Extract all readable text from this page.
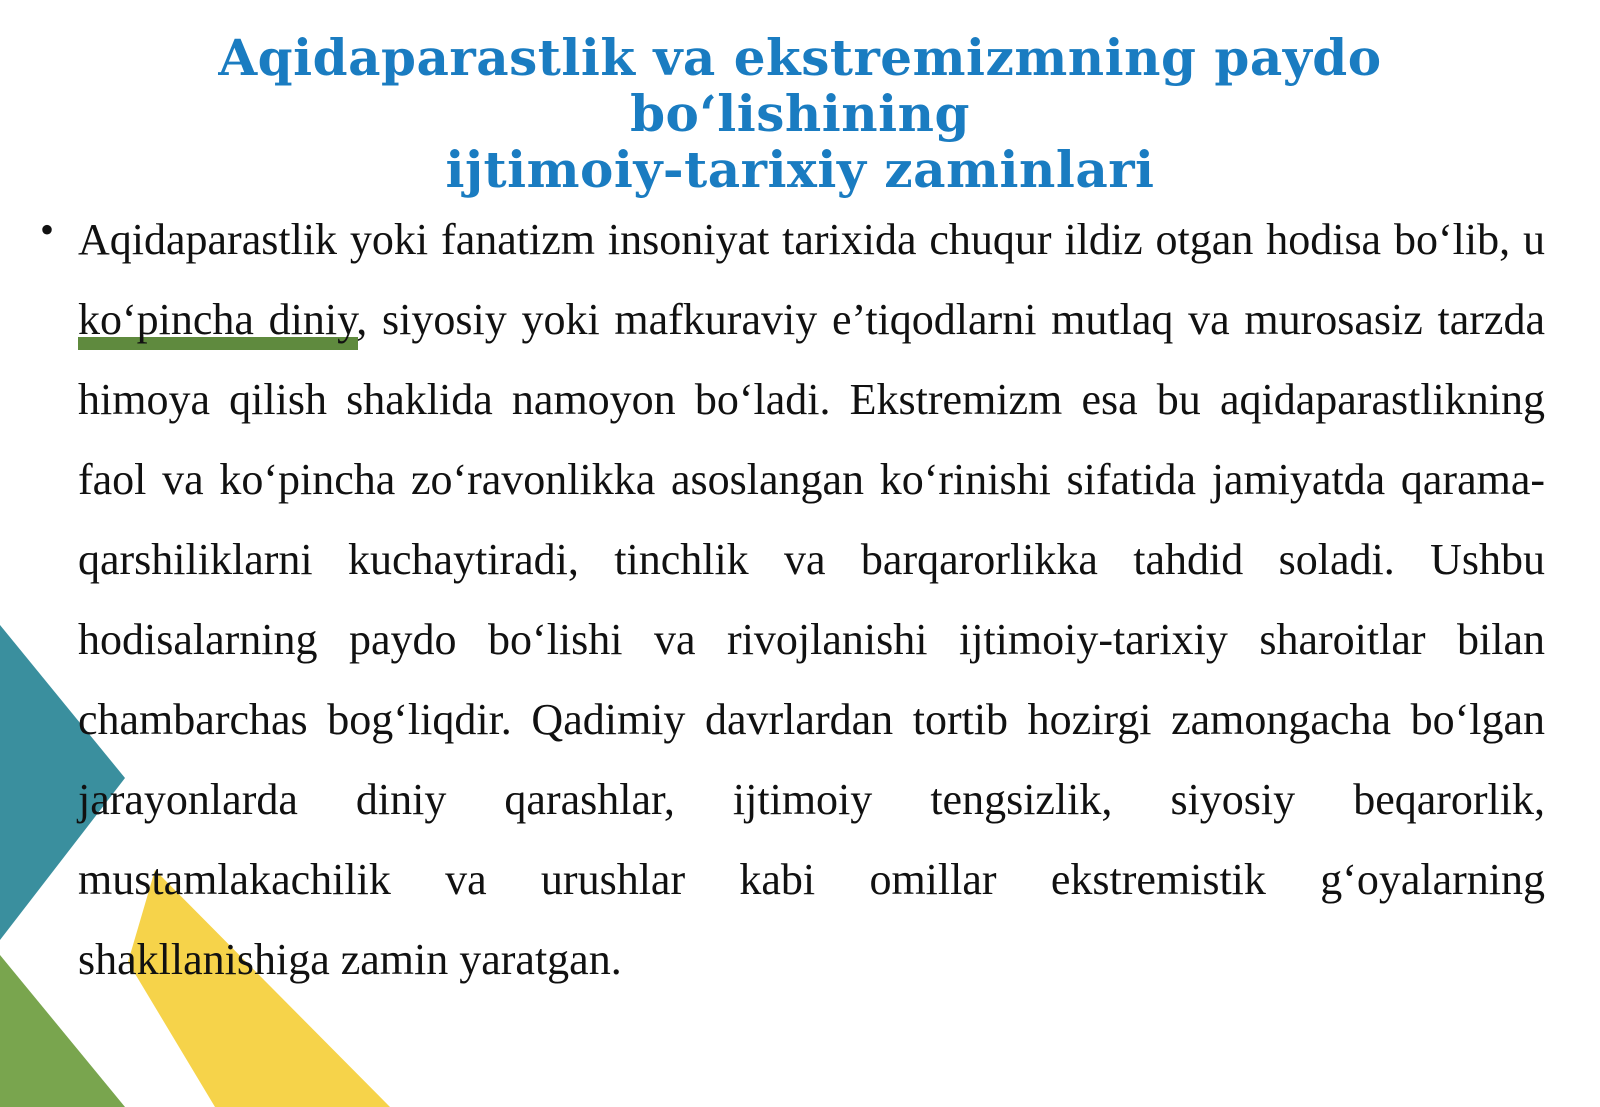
Aqidaparastlik va ekstremizmning paydo bo‘lishining
ijtimoiy-tarixiy zaminlari
• Aqidaparastlik yoki fanatizm insoniyat tarixida chuqur ildiz otgan hodisa bo‘lib, u ko‘pincha diniy, siyosiy yoki mafkuraviy e’tiqodlarni mutlaq va murosasiz tarzda himoya qilish shaklida namoyon bo‘ladi. Ekstremizm esa bu aqidaparastlikning faol va ko‘pincha zo‘ravonlikka asoslangan ko‘rinishi sifatida jamiyatda qarama-qarshiliklarni kuchaytiradi, tinchlik va barqarorlikka tahdid soladi. Ushbu hodisalarning paydo bo‘lishi va rivojlanishi ijtimoiy-tarixiy sharoitlar bilan chambarchas bog‘liqdir. Qadimiy davrlardan tortib hozirgi zamongacha bo‘lgan jarayonlarda diniy qarashlar, ijtimoiy tengsizlik, siyosiy beqarorlik, mustamlakachilik va urushlar kabi omillar ekstremistik g‘oyalarning shakllanishiga zamin yaratgan.
